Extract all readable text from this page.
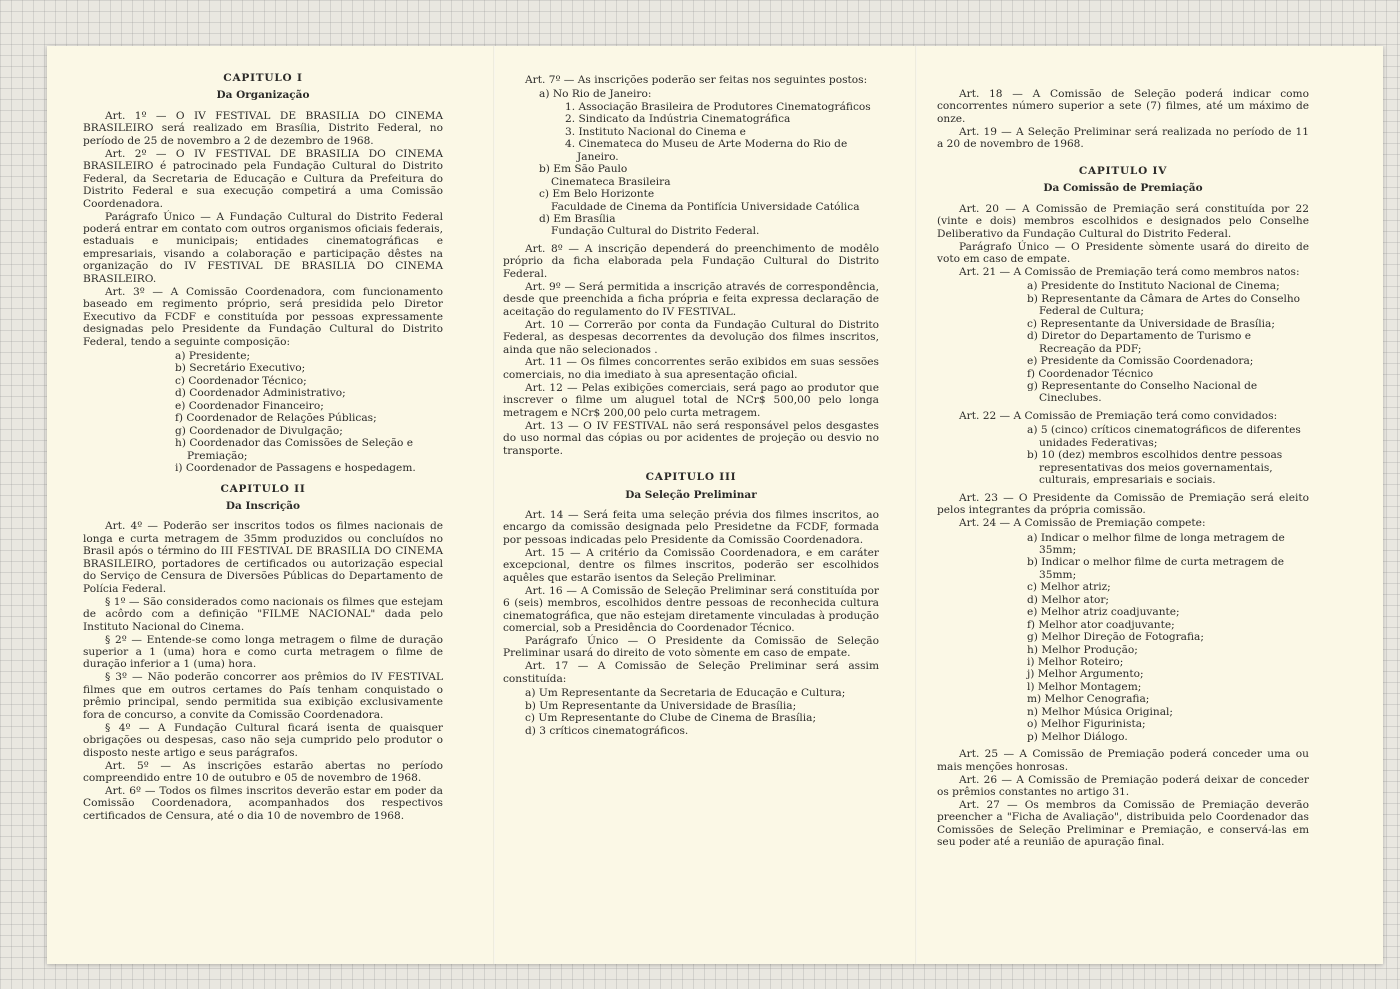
CAPITULO I
Da Organização

Art. 1º — O IV FESTIVAL DE BRASILIA DO CINEMA BRASILEIRO será realizado em Brasília, Distrito Federal, no período de 25 de novembro a 2 de dezembro de 1968.

Art. 2º — O IV FESTIVAL DE BRASILIA DO CINEMA BRASILEIRO é patrocinado pela Fundação Cultural do Distrito Federal, da Secretaria de Educação e Cultura da Prefeitura do Distrito Federal e sua execução competirá a uma Comissão Coordenadora.

Parágrafo Único — A Fundação Cultural do Distrito Federal poderá entrar em contato com outros organismos oficiais federais, estaduais e municipais; entidades cinematográficas e empresariais, visando a colaboração e participação dêstes na organização do IV FESTIVAL DE BRASILIA DO CINEMA BRASILEIRO.

Art. 3º — A Comissão Coordenadora, com funcionamento baseado em regimento próprio, será presidida pelo Diretor Executivo da FCDF e constituída por pessoas expressamente designadas pelo Presidente da Fundação Cultural do Distrito Federal, tendo a seguinte composição:

a) Presidente;
b) Secretário Executivo;
c) Coordenador Técnico;
d) Coordenador Administrativo;
e) Coordenador Financeiro;
f) Coordenador de Relações Públicas;
g) Coordenador de Divulgação;
h) Coordenador das Comissões de Seleção e Premiação;
i) Coordenador de Passagens e hospedagem.
CAPITULO II
Da Inscrição

Art. 4º — Poderão ser inscritos todos os filmes nacionais de longa e curta metragem de 35mm produzidos ou concluídos no Brasil após o término do III FESTIVAL DE BRASILIA DO CINEMA BRASILEIRO, portadores de certificados ou autorização especial do Serviço de Censura de Diversões Públicas do Departamento de Polícia Federal.

§ 1º — São considerados como nacionais os filmes que estejam de acôrdo com a definição "FILME NACIONAL" dada pelo Instituto Nacional do Cinema.

§ 2º — Entende-se como longa metragem o filme de duração superior a 1 (uma) hora e como curta metragem o filme de duração inferior a 1 (uma) hora.

§ 3º — Não poderão concorrer aos prêmios do IV FESTIVAL filmes que em outros certames do País tenham conquistado o prêmio principal, sendo permitida sua exibição exclusivamente fora de concurso, a convite da Comissão Coordenadora.

§ 4º — A Fundação Cultural ficará isenta de quaisquer obrigações ou despesas, caso não seja cumprido pelo produtor o disposto neste artigo e seus parágrafos.

Art. 5º — As inscrições estarão abertas no período compreendido entre 10 de outubro e 05 de novembro de 1968.

Art. 6º — Todos os filmes inscritos deverão estar em poder da Comissão Coordenadora, acompanhados dos respectivos certificados de Censura, até o dia 10 de novembro de 1968.

Art. 7º — As inscrições poderão ser feitas nos seguintes postos:

a) No Rio de Janeiro:
1. Associação Brasileira de Produtores Cinematográficos
2. Sindicato da Indústria Cinematográfica
3. Instituto Nacional do Cinema e
4. Cinemateca do Museu de Arte Moderna do Rio de Janeiro.
b) Em São Paulo
Cinemateca Brasileira
c) Em Belo Horizonte
Faculdade de Cinema da Pontifícia Universidade Católica
d) Em Brasília
Fundação Cultural do Distrito Federal.

Art. 8º — A inscrição dependerá do preenchimento de modêlo próprio da ficha elaborada pela Fundação Cultural do Distrito Federal.

Art. 9º — Será permitida a inscrição através de correspondência, desde que preenchida a ficha própria e feita expressa declaração de aceitação do regulamento do IV FESTIVAL.

Art. 10 — Correrão por conta da Fundação Cultural do Distrito Federal, as despesas decorrentes da devolução dos filmes inscritos, ainda que não selecionados .

Art. 11 — Os filmes concorrentes serão exibidos em suas sessões comerciais, no dia imediato à sua apresentação oficial.

Art. 12 — Pelas exibições comerciais, será pago ao produtor que inscrever o filme um aluguel total de NCr$ 500,00 pelo longa metragem e NCr$ 200,00 pelo curta metragem.

Art. 13 — O IV FESTIVAL não será responsável pelos desgastes do uso normal das cópias ou por acidentes de projeção ou desvio no transporte.

CAPITULO III
Da Seleção Preliminar

Art. 14 — Será feita uma seleção prévia dos filmes inscritos, ao encargo da comissão designada pelo Presidetne da FCDF, formada por pessoas indicadas pelo Presidente da Comissão Coordenadora.

Art. 15 — A critério da Comissão Coordenadora, e em caráter excepcional, dentre os filmes inscritos, poderão ser escolhidos aquêles que estarão isentos da Seleção Preliminar.

Art. 16 — A Comissão de Seleção Preliminar será constituída por 6 (seis) membros, escolhidos dentre pessoas de reconhecida cultura cinematográfica, que não estejam diretamente vinculadas à produção comercial, sob a Presidência do Coordenador Técnico.

Parágrafo Único — O Presidente da Comissão de Seleção Preliminar usará do direito de voto sòmente em caso de empate.

Art. 17 — A Comissão de Seleção Preliminar será assim constituída:

a) Um Representante da Secretaria de Educação e Cultura;
b) Um Representante da Universidade de Brasília;
c) Um Representante do Clube de Cinema de Brasília;
d) 3 críticos cinematográficos.

Art. 18 — A Comissão de Seleção poderá indicar como concorrentes número superior a sete (7) filmes, até um máximo de onze.

Art. 19 — A Seleção Preliminar será realizada no período de 11 a 20 de novembro de 1968.

CAPITULO IV
Da Comissão de Premiação

Art. 20 — A Comissão de Premiação será constituída por 22 (vinte e dois) membros escolhidos e designados pelo Conselhe Deliberativo da Fundação Cultural do Distrito Federal.

Parágrafo Único — O Presidente sòmente usará do direito de voto em caso de empate.

Art. 21 — A Comissão de Premiação terá como membros natos:

a) Presidente do Instituto Nacional de Cinema;
b) Representante da Câmara de Artes do Conselho Federal de Cultura;
c) Representante da Universidade de Brasília;
d) Diretor do Departamento de Turismo e Recreação da PDF;
e) Presidente da Comissão Coordenadora;
f) Coordenador Técnico
g) Representante do Conselho Nacional de Cineclubes.

Art. 22 — A Comissão de Premiação terá como convidados:

a) 5 (cinco) críticos cinematográficos de diferentes unidades Federativas;
b) 10 (dez) membros escolhidos dentre pessoas representativas dos meios governamentais, culturais, empresariais e sociais.

Art. 23 — O Presidente da Comissão de Premiação será eleito pelos integrantes da própria comissão.

Art. 24 — A Comissão de Premiação compete:

a) Indicar o melhor filme de longa metragem de 35mm;
b) Indicar o melhor filme de curta metragem de 35mm;
c) Melhor atriz;
d) Melhor ator;
e) Melhor atriz coadjuvante;
f) Melhor ator coadjuvante;
g) Melhor Direção de Fotografia;
h) Melhor Produção;
i) Melhor Roteiro;
j) Melhor Argumento;
l) Melhor Montagem;
m) Melhor Cenografia;
n) Melhor Música Original;
o) Melhor Figurinista;
p) Melhor Diálogo.

Art. 25 — A Comissão de Premiação poderá conceder uma ou mais menções honrosas.

Art. 26 — A Comissão de Premiação poderá deixar de conceder os prêmios constantes no artigo 31.

Art. 27 — Os membros da Comissão de Premiação deverão preencher a "Ficha de Avaliação", distribuida pelo Coordenador das Comissões de Seleção Preliminar e Premiação, e conservá-las em seu poder até a reunião de apuração final.
